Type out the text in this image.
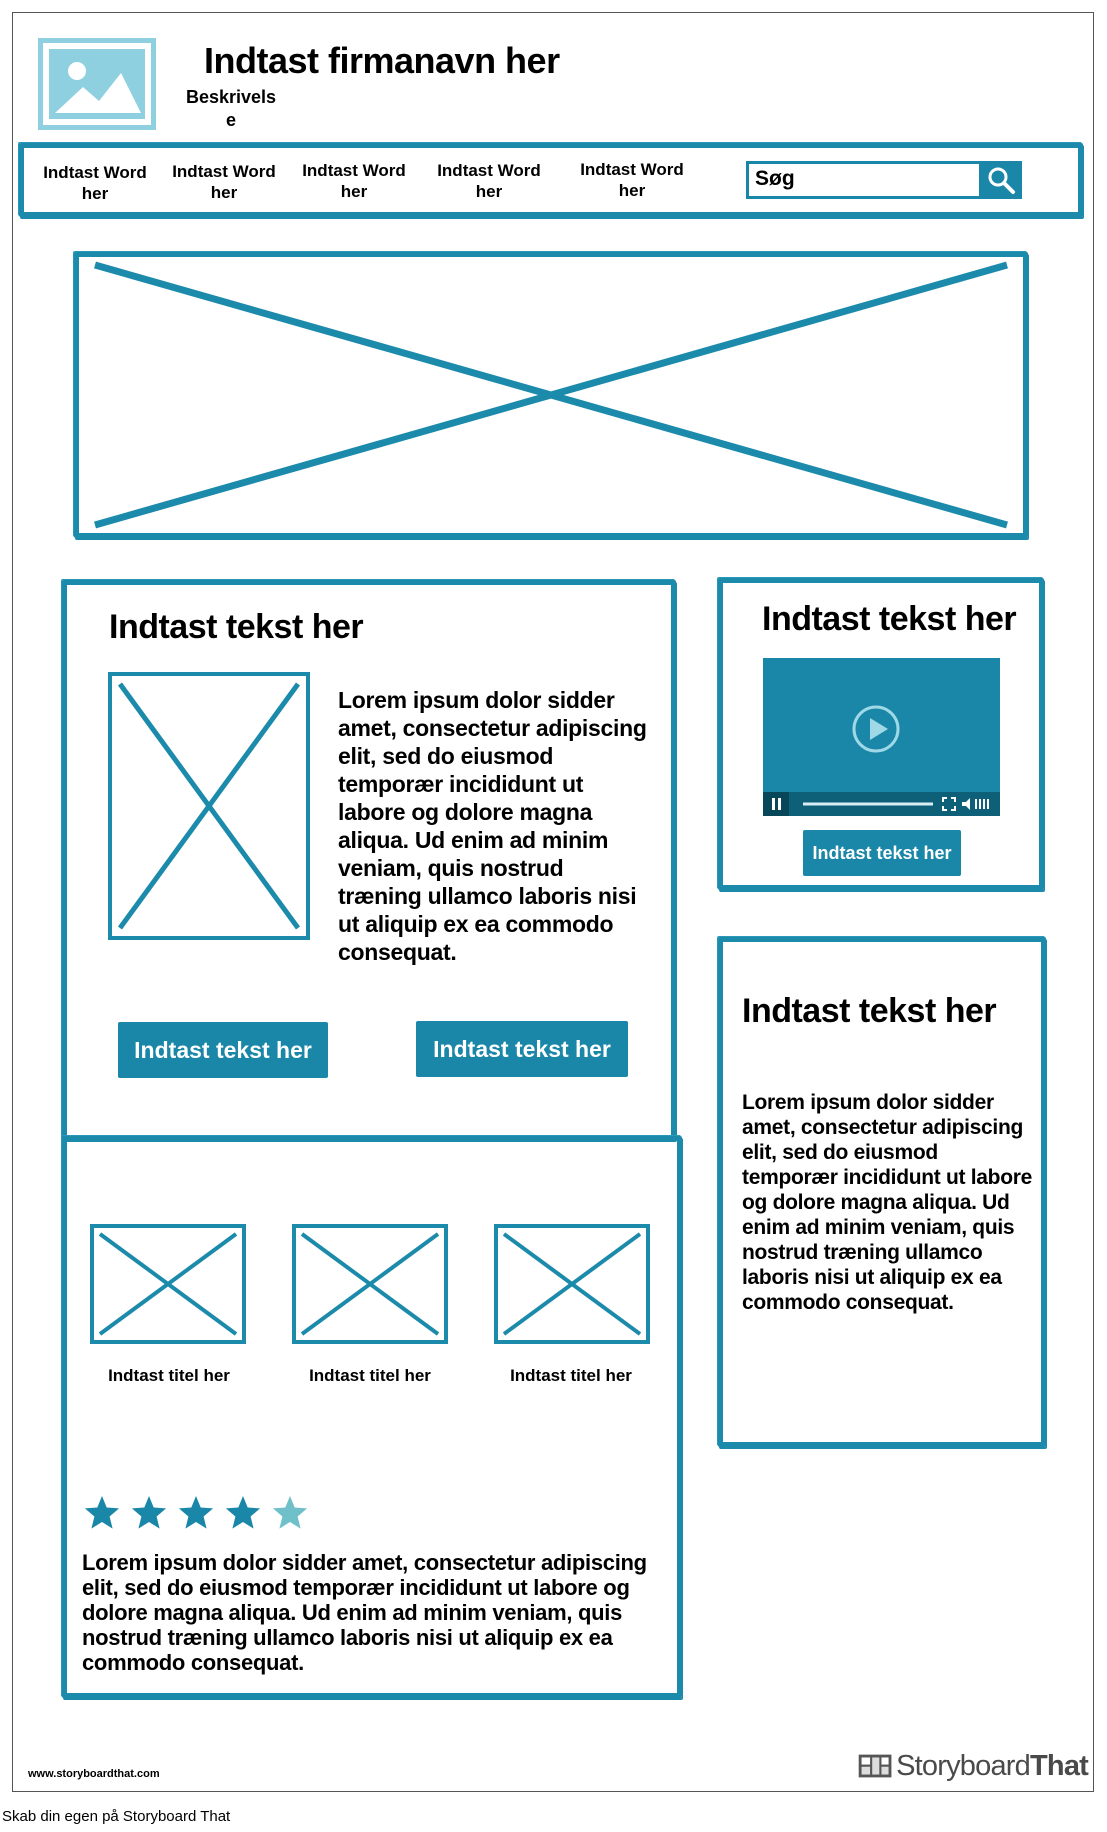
Indtast firmanavn her
Beskrivelse
Indtast Word her
Indtast Word her
Indtast Word her
Indtast Word her
Indtast Word her
Søg
Indtast tekst her
Lorem ipsum dolor sidder amet, consectetur adipiscing elit, sed do eiusmod temporær incididunt ut labore og dolore magna aliqua. Ud enim ad minim veniam, quis nostrud træning ullamco laboris nisi ut aliquip ex ea commodo consequat.
Indtast tekst her	Indtast tekst her
Indtast titel her	Indtast titel her	Indtast titel her
Lorem ipsum dolor sidder amet, consectetur adipiscing elit, sed do eiusmod temporær incididunt ut labore og dolore magna aliqua. Ud enim ad minim veniam, quis nostrud træning ullamco laboris nisi ut aliquip ex ea commodo consequat.
Indtast tekst her
Indtast tekst her
Indtast tekst her
Lorem ipsum dolor sidder amet, consectetur adipiscing elit, sed do eiusmod temporær incididunt ut labore og dolore magna aliqua. Ud enim ad minim veniam, quis nostrud træning ullamco laboris nisi ut aliquip ex ea commodo consequat.
www.storyboardthat.com	Storyboard That
Skab din egen på Storyboard That
